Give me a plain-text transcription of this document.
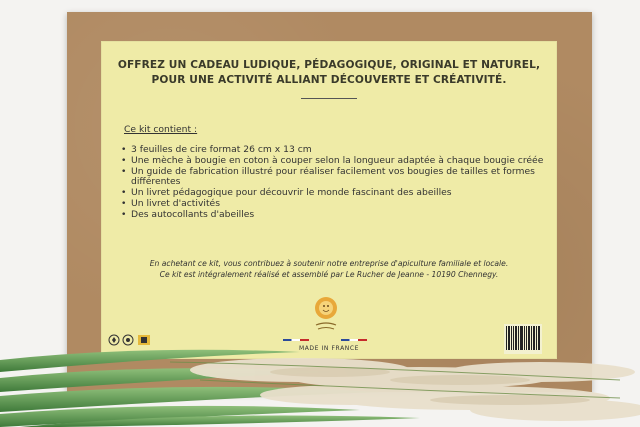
OFFREZ UN CADEAU LUDIQUE, PÉDAGOGIQUE, ORIGINAL ET NATUREL,
POUR UNE ACTIVITÉ ALLIANT DÉCOUVERTE ET CRÉATIVITÉ.
Ce kit contient :
• 3 feuilles de cire format 26 cm x 13 cm
• Une mèche à bougie en coton à couper selon la longueur adaptée à chaque bougie créée
• Un guide de fabrication illustré pour réaliser facilement vos bougies de tailles et formes différentes
• Un livret pédagogique pour découvrir le monde fascinant des abeilles
• Un livret d'activités
• Des autocollants d'abeilles
En achetant ce kit, vous contribuez à soutenir notre entreprise d'apiculture familiale et locale.
Ce kit est intégralement réalisé et assemblé par Le Rucher de Jeanne - 10190 Chennegy.
MADE IN FRANCE
